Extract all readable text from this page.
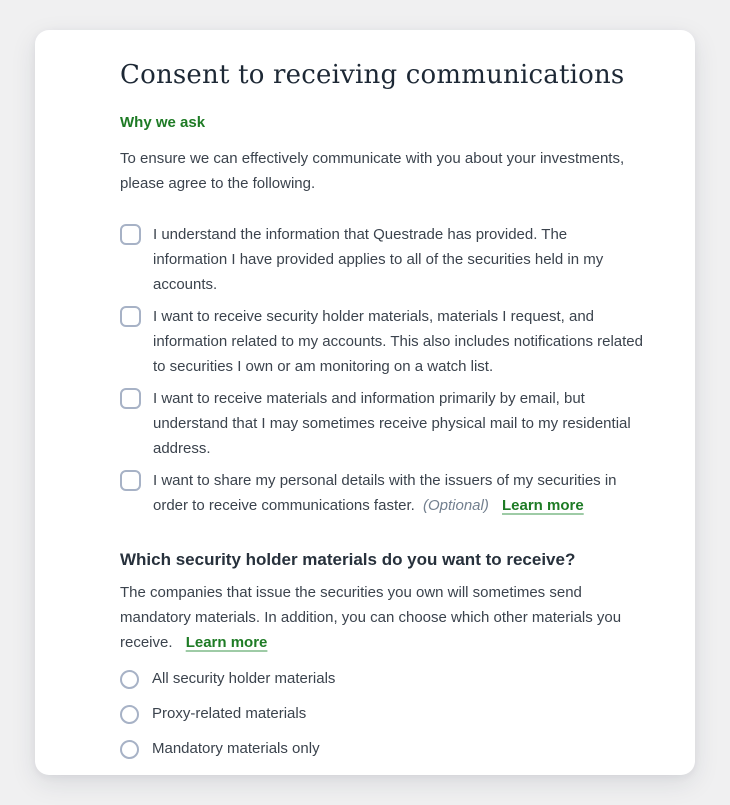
Consent to receiving communications
Why we ask

To ensure we can effectively communicate with you about your investments, please agree to the following.

I understand the information that Questrade has provided. The information I have provided applies to all of the securities held in my accounts.
I want to receive security holder materials, materials I request, and information related to my accounts. This also includes notifications related to securities I own or am monitoring on a watch list.
I want to receive materials and information primarily by email, but understand that I may sometimes receive physical mail to my residential address.
I want to share my personal details with the issuers of my securities in order to receive communications faster. (Optional) Learn more
Which security holder materials do you want to receive?

The companies that issue the securities you own will sometimes send mandatory materials. In addition, you can choose which other materials you receive. Learn more

All security holder materials
Proxy-related materials
Mandatory materials only
